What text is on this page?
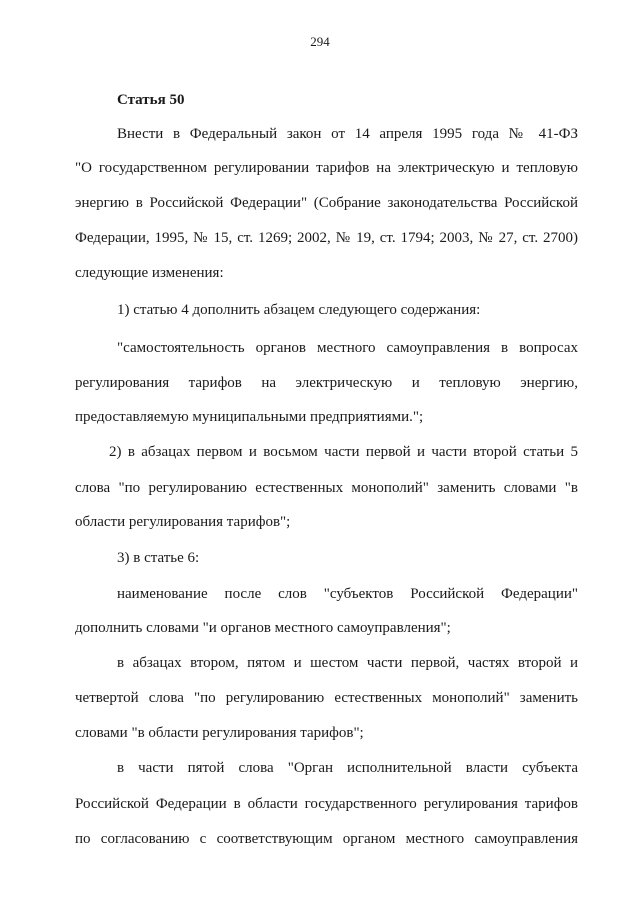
294
Статья 50
Внести в Федеральный закон от 14 апреля 1995 года № 41-ФЗ
"О государственном регулировании тарифов на электрическую и тепловую
энергию в Российской Федерации" (Собрание законодательства Российской
Федерации, 1995, № 15, ст. 1269; 2002, № 19, ст. 1794; 2003, № 27, ст. 2700)
следующие изменения:
1) статью 4 дополнить абзацем следующего содержания:
"самостоятельность органов местного самоуправления в вопросах
регулирования тарифов на электрическую и тепловую энергию,
предоставляемую муниципальными предприятиями.";
2) в абзацах первом и восьмом части первой и части второй статьи 5
слова "по регулированию естественных монополий" заменить словами "в
области регулирования тарифов";
3) в статье 6:
наименование после слов "субъектов Российской Федерации"
дополнить словами "и органов местного самоуправления";
в абзацах втором, пятом и шестом части первой, частях второй и
четвертой слова "по регулированию естественных монополий" заменить
словами "в области регулирования тарифов";
в части пятой слова "Орган исполнительной власти субъекта
Российской Федерации в области государственного регулирования тарифов
по согласованию с соответствующим органом местного самоуправления
